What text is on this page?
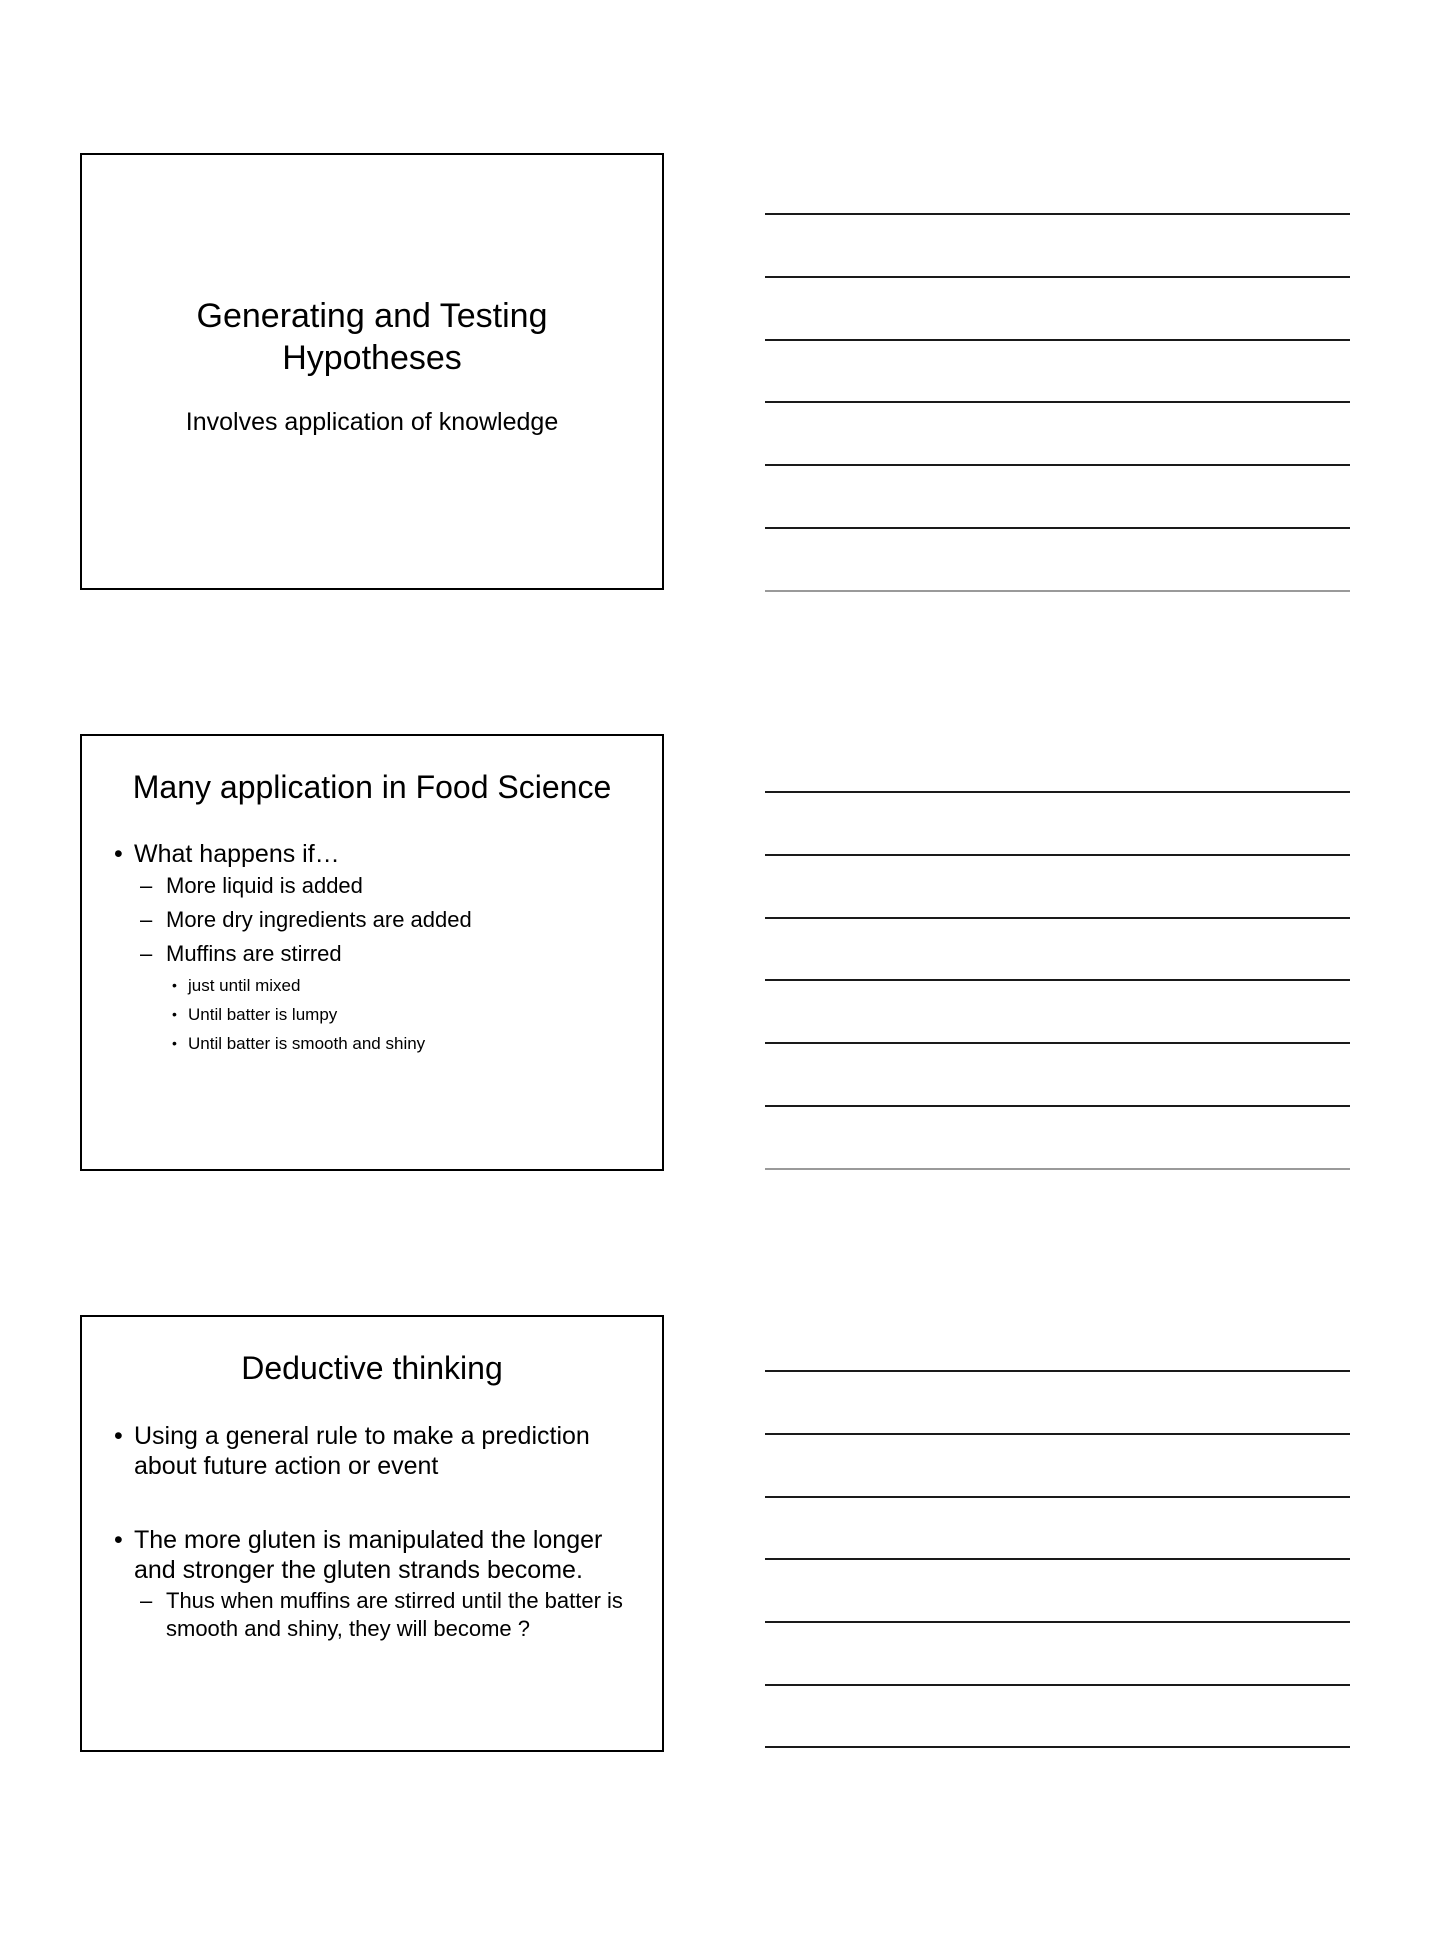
Generating and Testing
Hypotheses
Involves application of knowledge
Many application in Food Science
• What happens if…
– More liquid is added
– More dry ingredients are added
– Muffins are stirred
• just until mixed
• Until batter is lumpy
• Until batter is smooth and shiny
Deductive thinking
• Using a general rule to make a prediction about future action or event
• The more gluten is manipulated the longer and stronger the gluten strands become.
– Thus when muffins are stirred until the batter is smooth and shiny, they will become ?
